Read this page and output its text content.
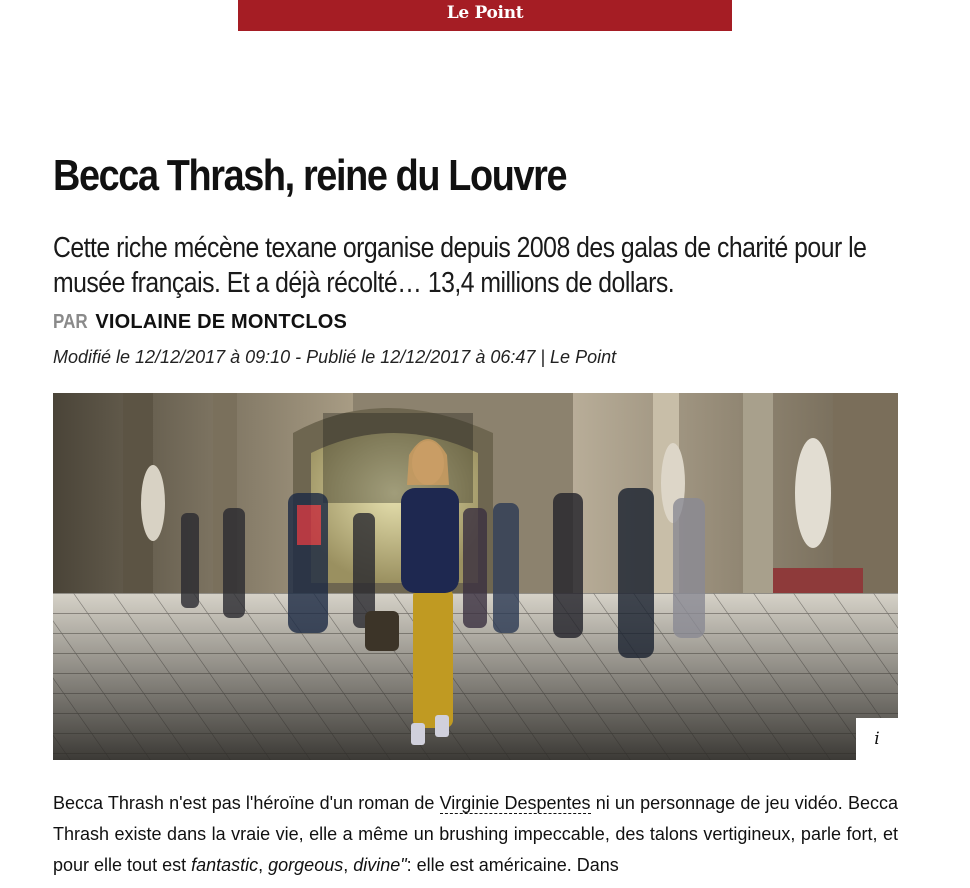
Le Point
Becca Thrash, reine du Louvre

Cette riche mécène texane organise depuis 2008 des galas de charité pour le musée français. Et a déjà récolté… 13,4 millions de dollars.

PAR VIOLAINE DE MONTCLOS

Modifié le 12/12/2017 à 09:10 - Publié le 12/12/2017 à 06:47 | Le Point

i

Becca Thrash n'est pas l'héroïne d'un roman de Virginie Despentes ni un personnage de jeu vidéo. Becca Thrash existe dans la vraie vie, elle a même un brushing impeccable, des talons vertigineux, parle fort, et pour elle tout est fantastic, gorgeous, divine": elle est américaine. Dans
